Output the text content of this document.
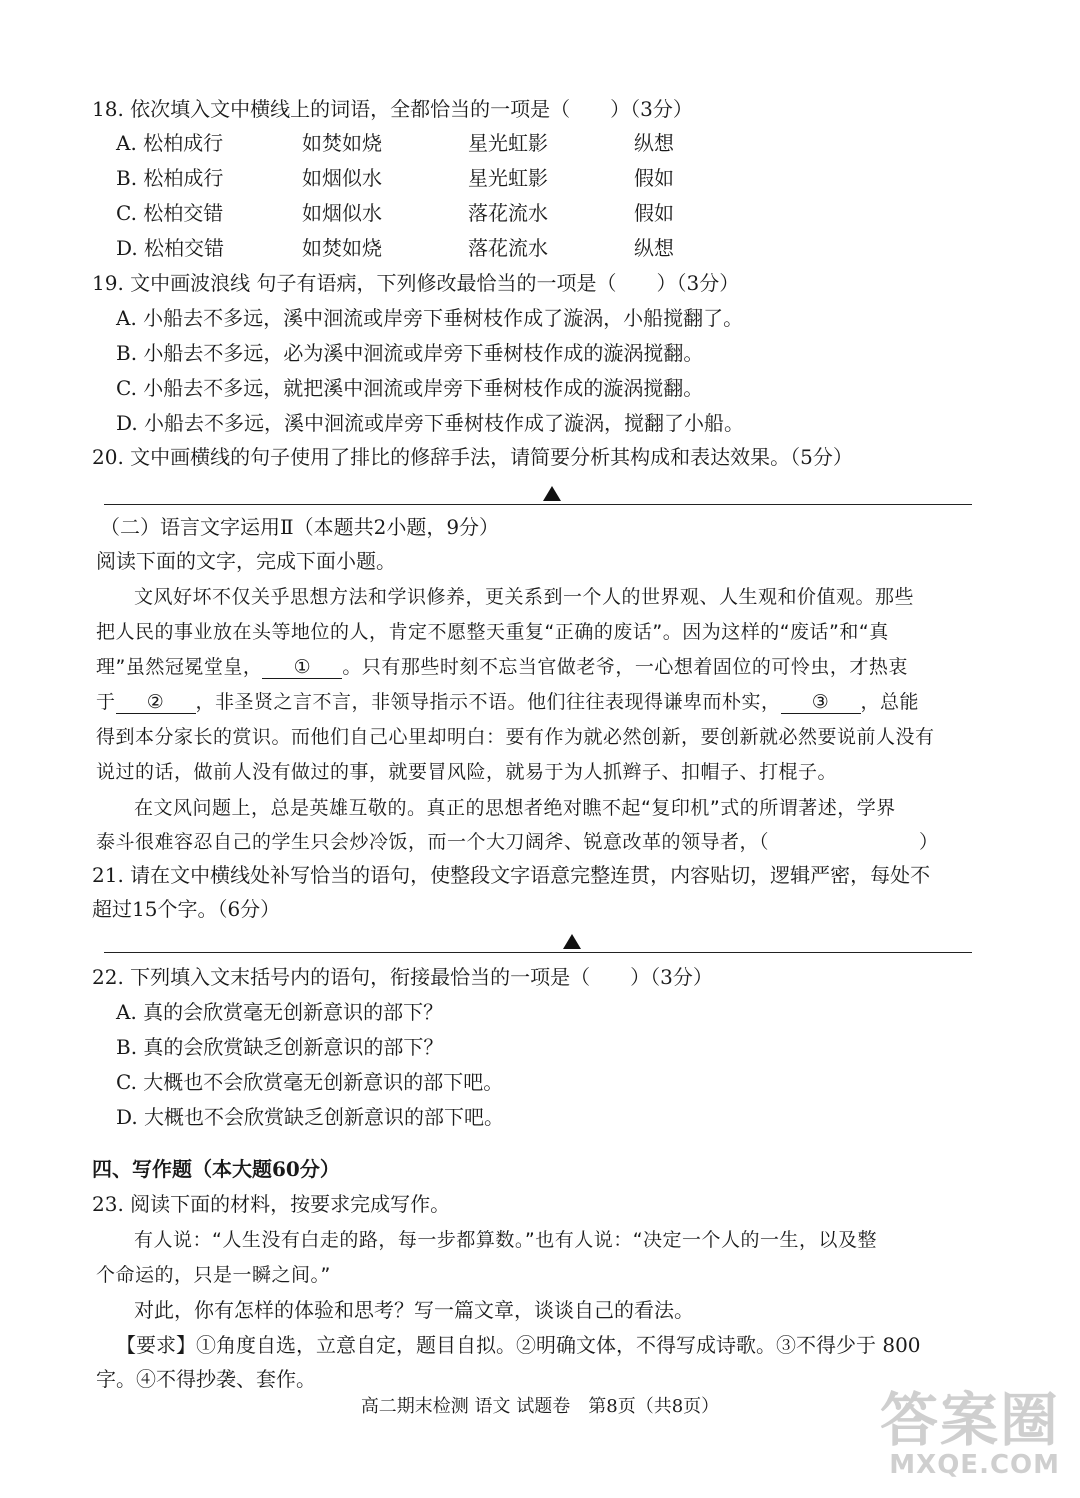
18. 依次填入文中横线上的词语，全都恰当的一项是（　　）（3分）
A. 松柏成行	如焚如烧	星光虹影	纵想
B. 松柏成行	如烟似水	星光虹影	假如
C. 松柏交错	如烟似水	落花流水	假如
D. 松柏交错	如焚如烧	落花流水	纵想
19. 文中画波浪线 句子有语病，下列修改最恰当的一项是（　　）（3分）
A. 小船去不多远，溪中洄流或岸旁下垂树枝作成了漩涡，小船搅翻了。
B. 小船去不多远，必为溪中洄流或岸旁下垂树枝作成的漩涡搅翻。
C. 小船去不多远，就把溪中洄流或岸旁下垂树枝作成的漩涡搅翻。
D. 小船去不多远，溪中洄流或岸旁下垂树枝作成了漩涡，搅翻了小船。
20. 文中画横线的句子使用了排比的修辞手法，请简要分析其构成和表达效果。（5分）
（二）语言文字运用Ⅱ（本题共2小题，9分）
阅读下面的文字，完成下面小题。
文风好坏不仅关乎思想方法和学识修养，更关系到一个人的世界观、人生观和价值观。那些
把人民的事业放在头等地位的人，肯定不愿整天重复“正确的废话”。因为这样的“废话”和“真
理”虽然冠冕堂皇， ① 。只有那些时刻不忘当官做老爷，一心想着固位的可怜虫，才热衷
于 ② ，非圣贤之言不言，非领导指示不语。他们往往表现得谦卑而朴实， ③ ，总能
得到本分家长的赏识。而他们自己心里却明白：要有作为就必然创新，要创新就必然要说前人没有
说过的话，做前人没有做过的事，就要冒风险，就易于为人抓辫子、扣帽子、打棍子。
在文风问题上，总是英雄互敬的。真正的思想者绝对瞧不起“复印机”式的所谓著述，学界
泰斗很难容忍自己的学生只会炒冷饭，而一个大刀阔斧、锐意改革的领导者，（	）
21. 请在文中横线处补写恰当的语句，使整段文字语意完整连贯，内容贴切，逻辑严密，每处不
超过15个字。（6分）
22. 下列填入文末括号内的语句，衔接最恰当的一项是（　　）（3分）
A. 真的会欣赏毫无创新意识的部下？
B. 真的会欣赏缺乏创新意识的部下？
C. 大概也不会欣赏毫无创新意识的部下吧。
D. 大概也不会欣赏缺乏创新意识的部下吧。
四、写作题（本大题60分）
23. 阅读下面的材料，按要求完成写作。
有人说：“人生没有白走的路，每一步都算数。”也有人说：“决定一个人的一生，以及整
个命运的，只是一瞬之间。”
对此，你有怎样的体验和思考？写一篇文章，谈谈自己的看法。
【要求】①角度自选，立意自定，题目自拟。②明确文体，不得写成诗歌。③不得少于 800
字。④不得抄袭、套作。
高二期末检测 语文 试题卷　第8页（共8页）	答案圈
MXQE.COM
